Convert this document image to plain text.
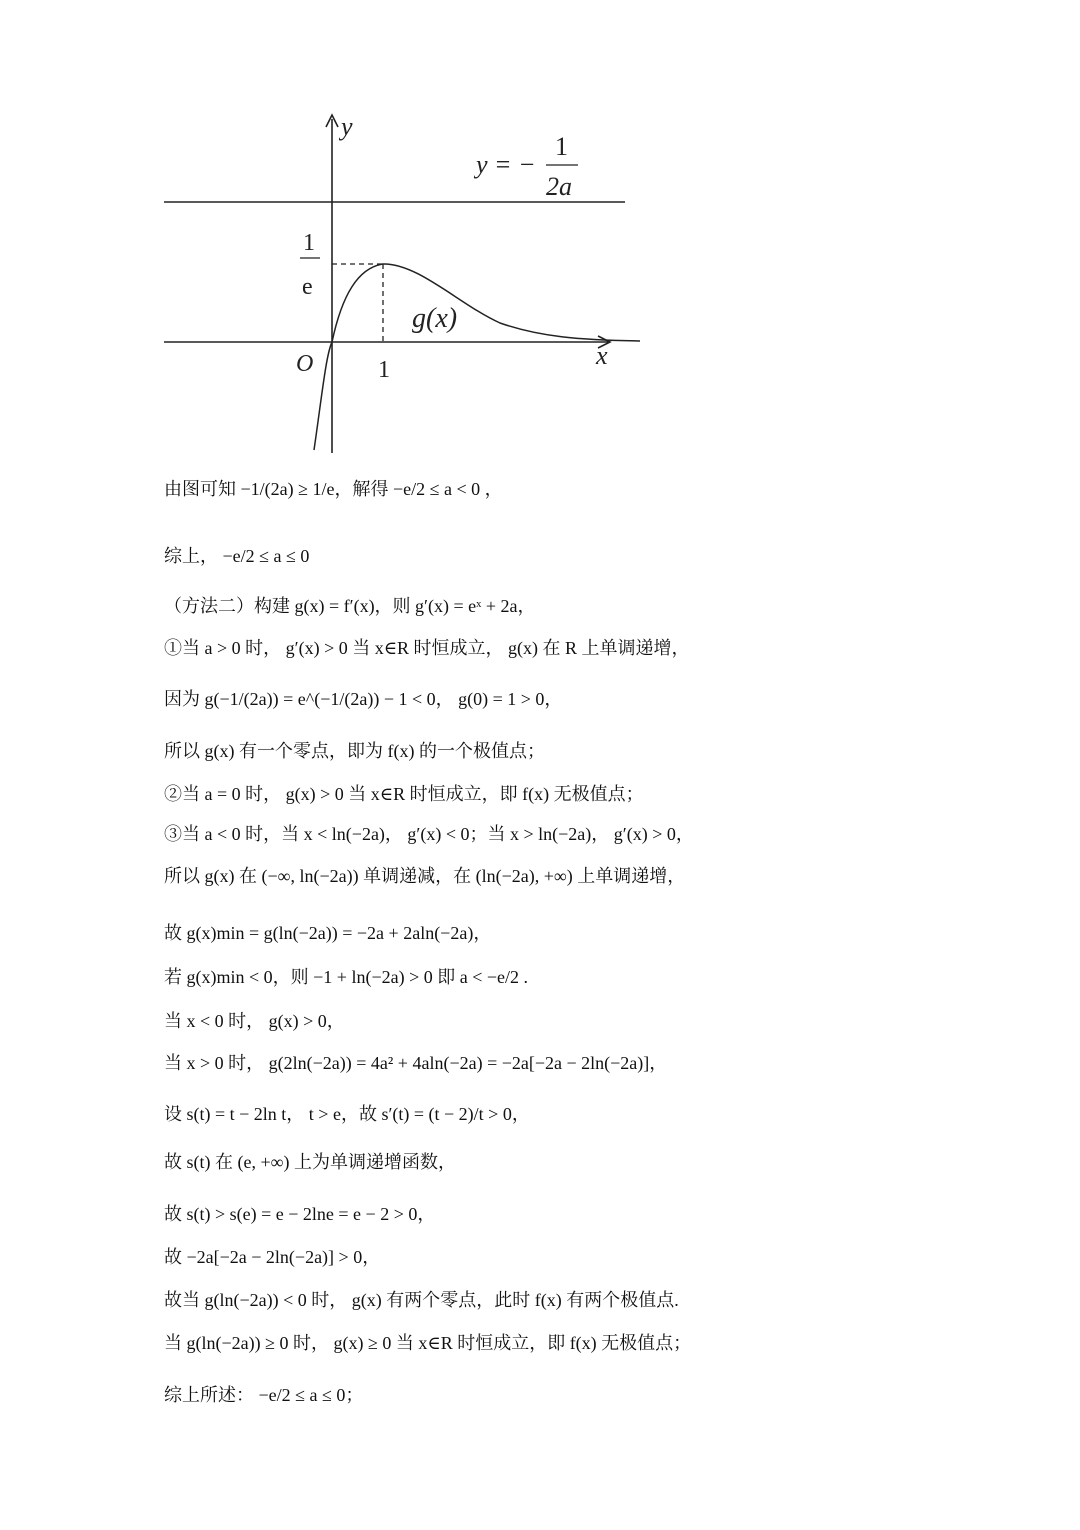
y
x
O	1
1
e
g(x)
y = −
1
2a
由图可知 −1/(2a) ≥ 1/e，解得 −e/2 ≤ a < 0 ，
综上， −e/2 ≤ a ≤ 0
（方法二）构建 g(x) = f′(x)，则 g′(x) = eˣ + 2a，
①当 a > 0 时， g′(x) > 0 当 x∈R 时恒成立， g(x) 在 R 上单调递增，
因为 g(−1/(2a)) = e^(−1/(2a)) − 1 < 0， g(0) = 1 > 0，
所以 g(x) 有一个零点，即为 f(x) 的一个极值点；
②当 a = 0 时， g(x) > 0 当 x∈R 时恒成立，即 f(x) 无极值点；
③当 a < 0 时，当 x < ln(−2a)， g′(x) < 0；当 x > ln(−2a)， g′(x) > 0，
所以 g(x) 在 (−∞, ln(−2a)) 单调递减，在 (ln(−2a), +∞) 上单调递增，
故 g(x)min = g(ln(−2a)) = −2a + 2aln(−2a)，
若 g(x)min < 0，则 −1 + ln(−2a) > 0 即 a < −e/2 .
当 x < 0 时， g(x) > 0，
当 x > 0 时， g(2ln(−2a)) = 4a² + 4aln(−2a) = −2a[−2a − 2ln(−2a)]，
设 s(t) = t − 2ln t， t > e，故 s′(t) = (t − 2)/t > 0，
故 s(t) 在 (e, +∞) 上为单调递增函数，
故 s(t) > s(e) = e − 2lne = e − 2 > 0，
故 −2a[−2a − 2ln(−2a)] > 0，
故当 g(ln(−2a)) < 0 时， g(x) 有两个零点，此时 f(x) 有两个极值点.
当 g(ln(−2a)) ≥ 0 时， g(x) ≥ 0 当 x∈R 时恒成立，即 f(x) 无极值点；
综上所述： −e/2 ≤ a ≤ 0；
